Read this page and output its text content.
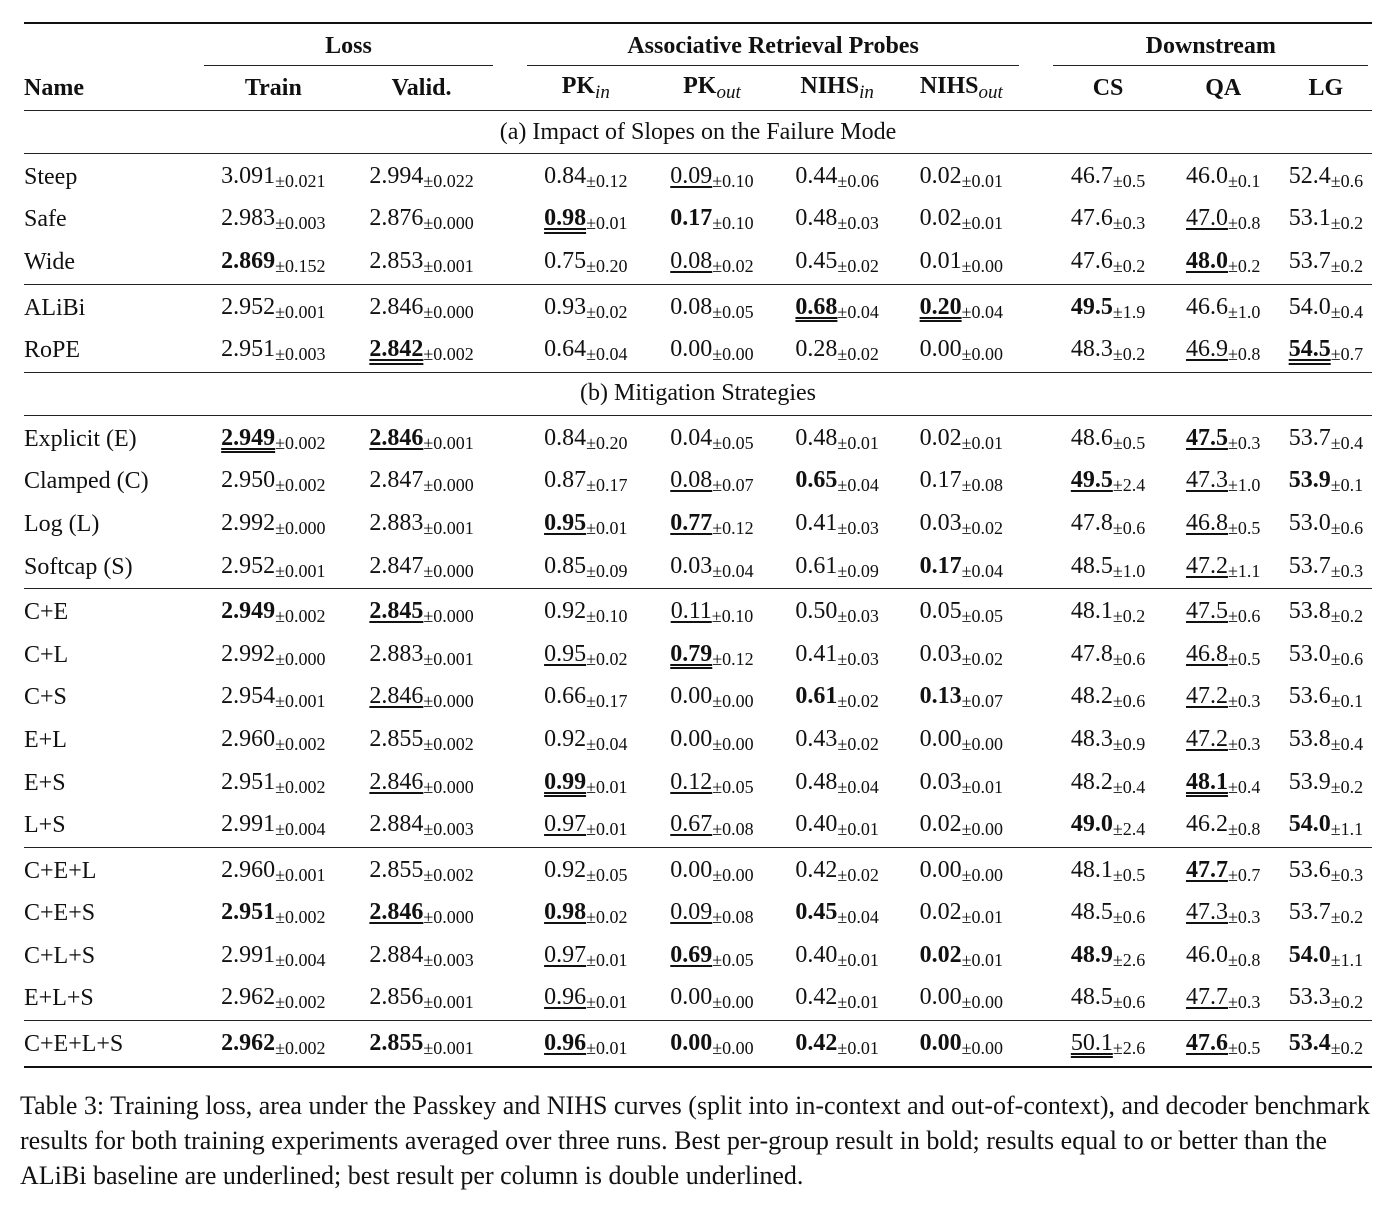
	Loss			Associative Retrieval Probes					Downstream		

Name	Train	Valid.		$PK_{in}$	$PK_{out}$	$NIHS_{in}$	$NIHS_{out}$		CS	QA	LG
(a) Impact of Slopes on the Failure Mode											
Steep	3.091±0.021	2.994±0.022		0.84±0.12	0.09±0.10	0.44±0.06	0.02±0.01		46.7±0.5	46.0±0.1	52.4±0.6
Safe	2.983±0.003	2.876±0.000		0.98±0.01	0.17±0.10	0.48±0.03	0.02±0.01		47.6±0.3	47.0±0.8	53.1±0.2
Wide	2.869±0.152	2.853±0.001		0.75±0.20	0.08±0.02	0.45±0.02	0.01±0.00		47.6±0.2	48.0±0.2	53.7±0.2
ALiBi	2.952±0.001	2.846±0.000		0.93±0.02	0.08±0.05	0.68±0.04	0.20±0.04		49.5±1.9	46.6±1.0	54.0±0.4
RoPE	2.951±0.003	2.842±0.002		0.64±0.04	0.00±0.00	0.28±0.02	0.00±0.00		48.3±0.2	46.9±0.8	54.5±0.7
(b) Mitigation Strategies											
Explicit (E)	2.949±0.002	2.846±0.001		0.84±0.20	0.04±0.05	0.48±0.01	0.02±0.01		48.6±0.5	47.5±0.3	53.7±0.4
Clamped (C)	2.950±0.002	2.847±0.000		0.87±0.17	0.08±0.07	0.65±0.04	0.17±0.08		49.5±2.4	47.3±1.0	53.9±0.1
Log (L)	2.992±0.000	2.883±0.001		0.95±0.01	0.77±0.12	0.41±0.03	0.03±0.02		47.8±0.6	46.8±0.5	53.0±0.6
Softcap (S)	2.952±0.001	2.847±0.000		0.85±0.09	0.03±0.04	0.61±0.09	0.17±0.04		48.5±1.0	47.2±1.1	53.7±0.3
C+E	2.949±0.002	2.845±0.000		0.92±0.10	0.11±0.10	0.50±0.03	0.05±0.05		48.1±0.2	47.5±0.6	53.8±0.2
C+L	2.992±0.000	2.883±0.001		0.95±0.02	0.79±0.12	0.41±0.03	0.03±0.02		47.8±0.6	46.8±0.5	53.0±0.6
C+S	2.954±0.001	2.846±0.000		0.66±0.17	0.00±0.00	0.61±0.02	0.13±0.07		48.2±0.6	47.2±0.3	53.6±0.1
E+L	2.960±0.002	2.855±0.002		0.92±0.04	0.00±0.00	0.43±0.02	0.00±0.00		48.3±0.9	47.2±0.3	53.8±0.4
E+S	2.951±0.002	2.846±0.000		0.99±0.01	0.12±0.05	0.48±0.04	0.03±0.01		48.2±0.4	48.1±0.4	53.9±0.2
L+S	2.991±0.004	2.884±0.003		0.97±0.01	0.67±0.08	0.40±0.01	0.02±0.00		49.0±2.4	46.2±0.8	54.0±1.1
C+E+L	2.960±0.001	2.855±0.002		0.92±0.05	0.00±0.00	0.42±0.02	0.00±0.00		48.1±0.5	47.7±0.7	53.6±0.3
C+E+S	2.951±0.002	2.846±0.000		0.98±0.02	0.09±0.08	0.45±0.04	0.02±0.01		48.5±0.6	47.3±0.3	53.7±0.2
C+L+S	2.991±0.004	2.884±0.003		0.97±0.01	0.69±0.05	0.40±0.01	0.02±0.01		48.9±2.6	46.0±0.8	54.0±1.1
E+L+S	2.962±0.002	2.856±0.001		0.96±0.01	0.00±0.00	0.42±0.01	0.00±0.00		48.5±0.6	47.7±0.3	53.3±0.2
C+E+L+S	2.962±0.002	2.855±0.001		0.96±0.01	0.00±0.00	0.42±0.01	0.00±0.00		50.1±2.6	47.6±0.5	53.4±0.2
Table 3: Training loss, area under the Passkey and NIHS curves (split into in-context and out-of-context), and decoder benchmark results for both training experiments averaged over three runs. Best per-group result in bold; results equal to or better than the ALiBi baseline are underlined; best result per column is double underlined.
